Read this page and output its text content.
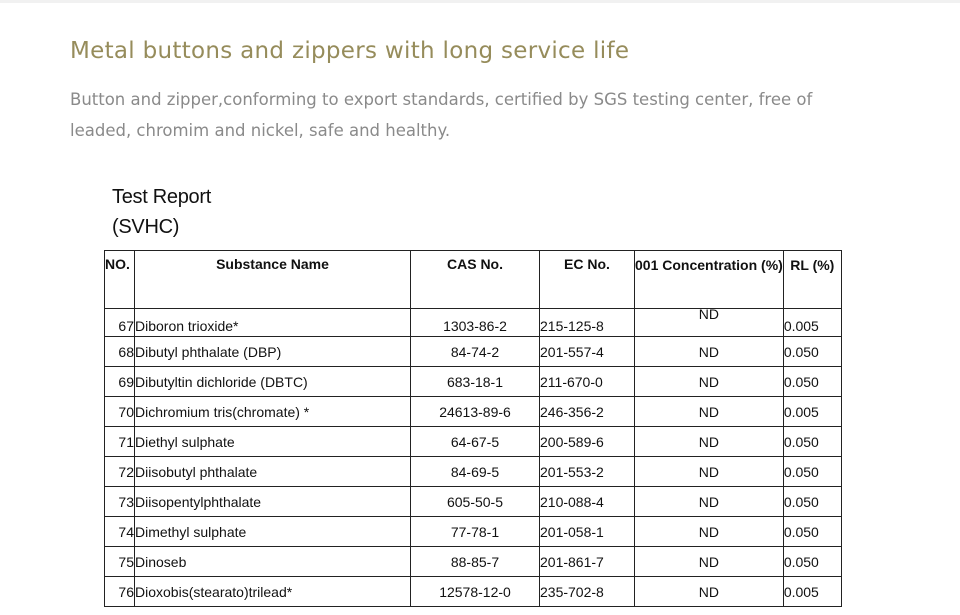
Metal buttons and zippers with long service life

Button and zipper,conforming to export standards, certified by SGS testing center, free of leaded, chromim and nickel, safe and healthy.

Test Report
(SVHC)
NO.	Substance Name	CAS No.	EC No.	001 Concentration (%)	RL (%)
67	Diboron trioxide*	1303-86-2	215-125-8	ND	0.005
68	Dibutyl phthalate (DBP)	84-74-2	201-557-4	ND	0.050
69	Dibutyltin dichloride (DBTC)	683-18-1	211-670-0	ND	0.050
70	Dichromium tris(chromate) *	24613-89-6	246-356-2	ND	0.005
71	Diethyl sulphate	64-67-5	200-589-6	ND	0.050
72	Diisobutyl phthalate	84-69-5	201-553-2	ND	0.050
73	Diisopentylphthalate	605-50-5	210-088-4	ND	0.050
74	Dimethyl sulphate	77-78-1	201-058-1	ND	0.050
75	Dinoseb	88-85-7	201-861-7	ND	0.050
76	Dioxobis(stearato)trilead*	12578-12-0	235-702-8	ND	0.005
